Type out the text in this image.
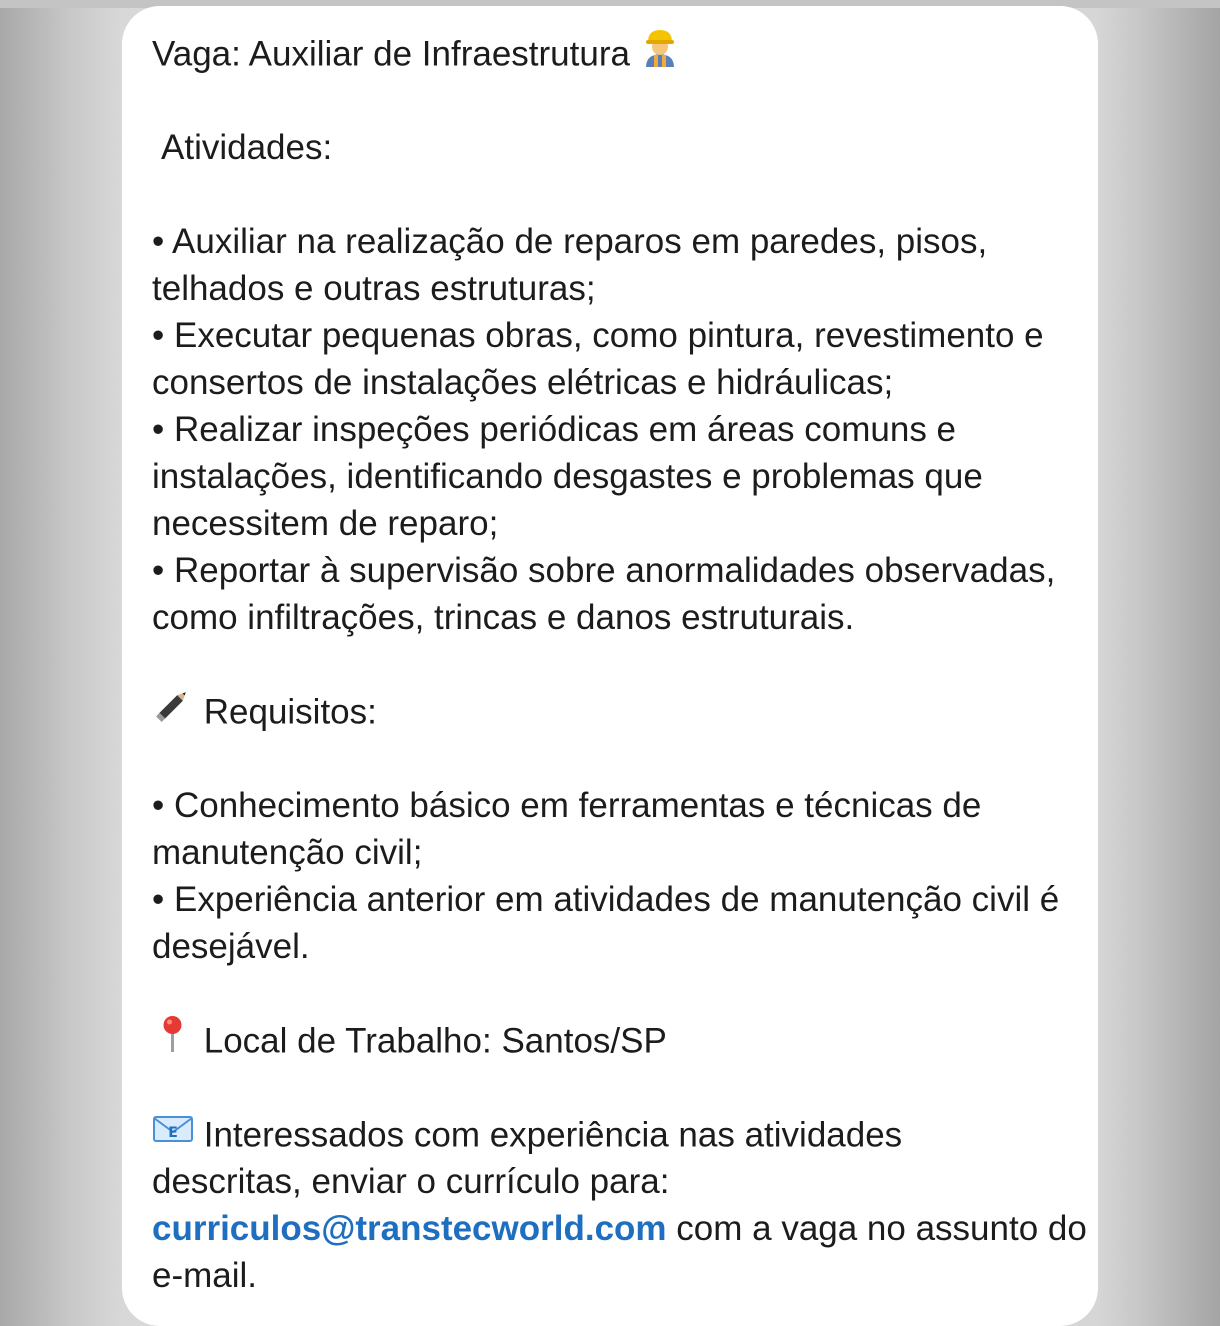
Vaga: Auxiliar de Infraestrutura
Atividades:
• Auxiliar na realização de reparos em paredes, pisos,
telhados e outras estruturas;
• Executar pequenas obras, como pintura, revestimento e
consertos de instalações elétricas e hidráulicas;
• Realizar inspeções periódicas em áreas comuns e
instalações, identificando desgastes e problemas que
necessitem de reparo;
• Reportar à supervisão sobre anormalidades observadas,
como infiltrações, trincas e danos estruturais.
Requisitos:
• Conhecimento básico em ferramentas e técnicas de
manutenção civil;
• Experiência anterior em atividades de manutenção civil é
desejável.
Local de Trabalho: Santos/SP
E Interessados com experiência nas atividades
descritas, enviar o currículo para:
curriculos@transtecworld.com com a vaga no assunto do
e-mail.
